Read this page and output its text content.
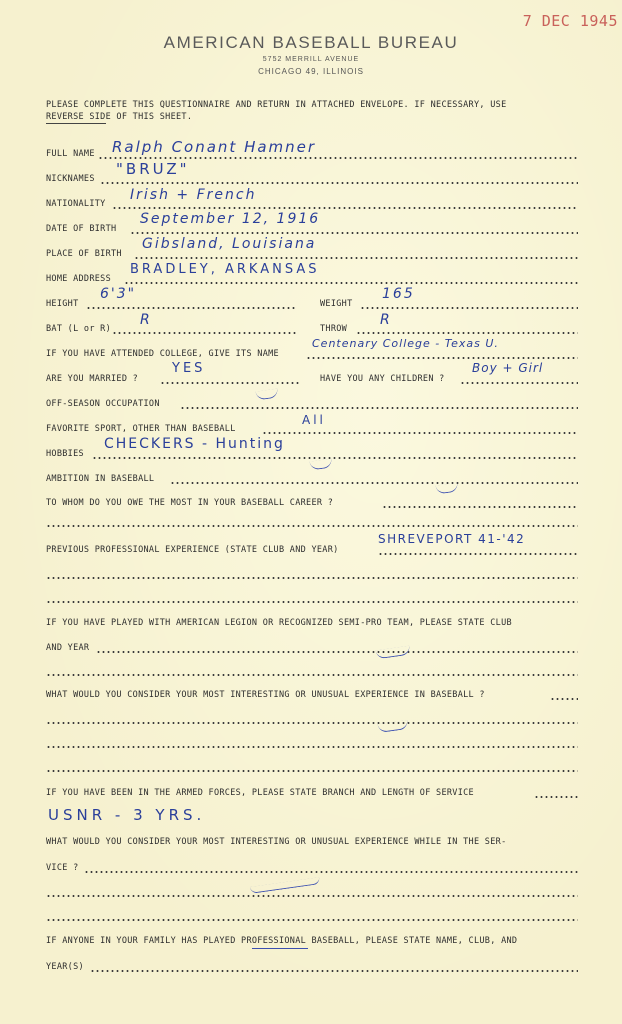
7 DEC 1945
AMERICAN BASEBALL BUREAU
5752 MERRILL AVENUE
CHICAGO 49, ILLINOIS
PLEASE COMPLETE THIS QUESTIONNAIRE AND RETURN IN ATTACHED ENVELOPE. IF NECESSARY, USE
REVERSE SIDE OF THIS SHEET.
FULL NAME Ralph Conant Hamner
NICKNAMES
"BRUZ"
NATIONALITY
Irish + French
DATE OF BIRTH
September 12, 1916
PLACE OF BIRTH
Gibsland, Louisiana
HOME ADDRESS
BRADLEY, ARKANSAS
HEIGHT
6'3"
WEIGHT
165
BAT (L or R)
R
THROW
R
IF YOU HAVE ATTENDED COLLEGE, GIVE ITS NAME
Centenary College - Texas U.
ARE YOU MARRIED ?
YES
HAVE YOU ANY CHILDREN ?
Boy + Girl
OFF-SEASON OCCUPATION
FAVORITE SPORT, OTHER THAN BASEBALL
All
HOBBIES
CHECKERS - Hunting
AMBITION IN BASEBALL
TO WHOM DO YOU OWE THE MOST IN YOUR BASEBALL CAREER ?
PREVIOUS PROFESSIONAL EXPERIENCE (STATE CLUB AND YEAR)
SHREVEPORT 41-'42
IF YOU HAVE PLAYED WITH AMERICAN LEGION OR RECOGNIZED SEMI-PRO TEAM, PLEASE STATE CLUB
AND YEAR
WHAT WOULD YOU CONSIDER YOUR MOST INTERESTING OR UNUSUAL EXPERIENCE IN BASEBALL ?
IF YOU HAVE BEEN IN THE ARMED FORCES, PLEASE STATE BRANCH AND LENGTH OF SERVICE
USNR - 3 YRS.
WHAT WOULD YOU CONSIDER YOUR MOST INTERESTING OR UNUSUAL EXPERIENCE WHILE IN THE SER-
VICE ?
IF ANYONE IN YOUR FAMILY HAS PLAYED PROFESSIONAL BASEBALL, PLEASE STATE NAME, CLUB, AND
YEAR(S)
